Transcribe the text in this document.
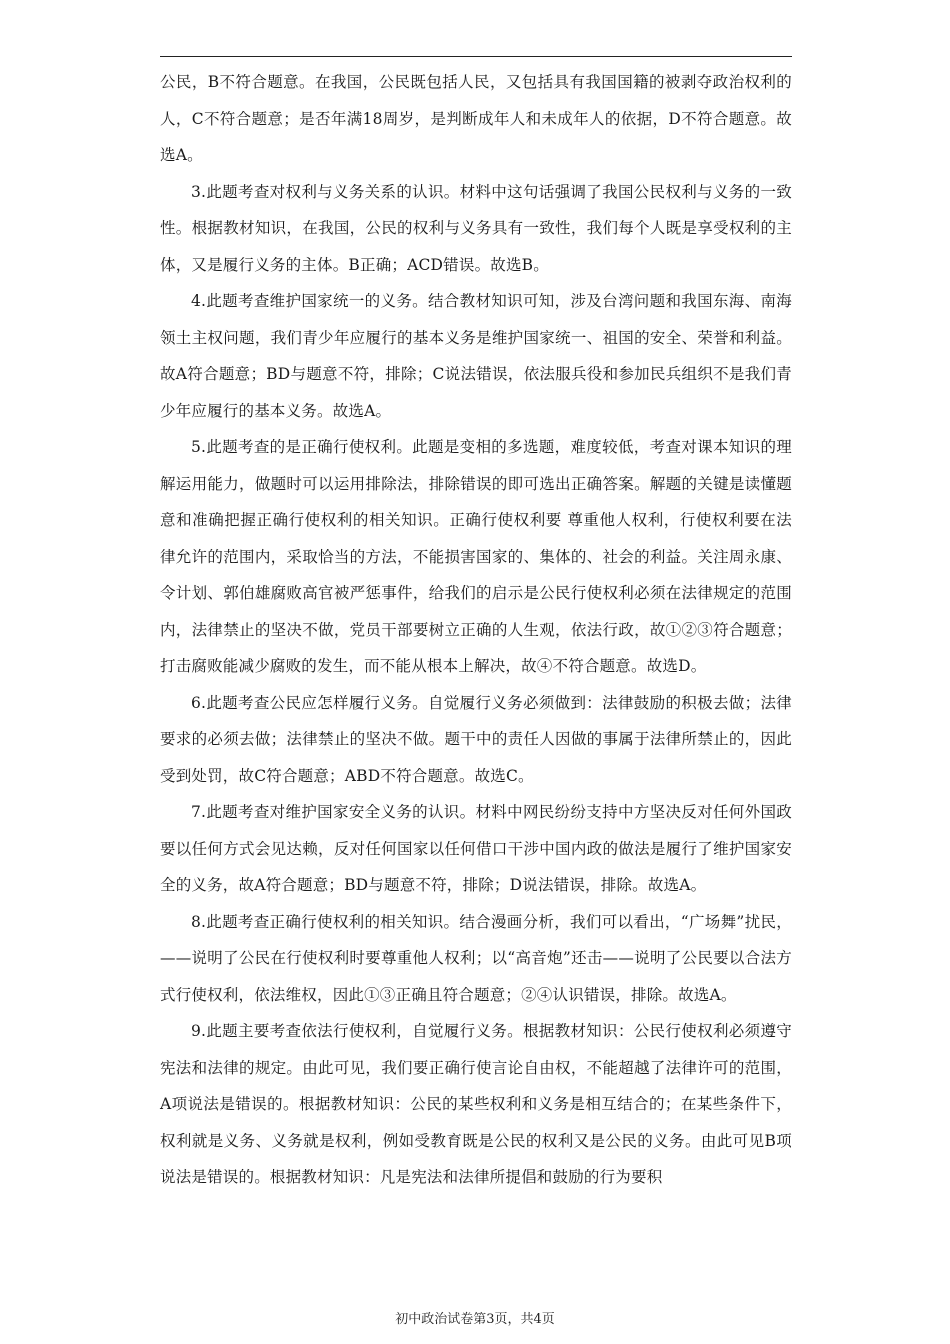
公民，B不符合题意。在我国，公民既包括人民，又包括具有我国国籍的被剥夺政治权利的人，C不符合题意；是否年满18周岁，是判断成年人和未成年人的依据，D不符合题意。故选A。

3.此题考查对权利与义务关系的认识。材料中这句话强调了我国公民权利与义务的一致性。根据教材知识，在我国，公民的权利与义务具有一致性，我们每个人既是享受权利的主体，又是履行义务的主体。B正确；ACD错误。故选B。

4.此题考查维护国家统一的义务。结合教材知识可知，涉及台湾问题和我国东海、南海领土主权问题，我们青少年应履行的基本义务是维护国家统一、祖国的安全、荣誉和利益。故A符合题意；BD与题意不符，排除；C说法错误，依法服兵役和参加民兵组织不是我们青少年应履行的基本义务。故选A。

5.此题考查的是正确行使权利。此题是变相的多选题，难度较低，考查对课本知识的理解运用能力，做题时可以运用排除法，排除错误的即可选出正确答案。解题的关键是读懂题意和准确把握正确行使权利的相关知识。正确行使权利要 尊重他人权利，行使权利要在法律允许的范围内，采取恰当的方法，不能损害国家的、集体的、社会的利益。关注周永康、令计划、郭伯雄腐败高官被严惩事件，给我们的启示是公民行使权利必须在法律规定的范围内，法律禁止的坚决不做，党员干部要树立正确的人生观，依法行政，故①②③符合题意；打击腐败能减少腐败的发生，而不能从根本上解决，故④不符合题意。故选D。

6.此题考查公民应怎样履行义务。自觉履行义务必须做到：法律鼓励的积极去做；法律要求的必须去做；法律禁止的坚决不做。题干中的责任人因做的事属于法律所禁止的，因此受到处罚，故C符合题意；ABD不符合题意。故选C。

7.此题考查对维护国家安全义务的认识。材料中网民纷纷支持中方坚决反对任何外国政要以任何方式会见达赖，反对任何国家以任何借口干涉中国内政的做法是履行了维护国家安全的义务，故A符合题意；BD与题意不符，排除；D说法错误，排除。故选A。

8.此题考查正确行使权利的相关知识。结合漫画分析，我们可以看出，“广场舞”扰民，——说明了公民在行使权利时要尊重他人权利；以“高音炮”还击——说明了公民要以合法方式行使权利，依法维权，因此①③正确且符合题意；②④认识错误，排除。故选A。

9.此题主要考查依法行使权利，自觉履行义务。根据教材知识：公民行使权利必须遵守宪法和法律的规定。由此可见，我们要正确行使言论自由权，不能超越了法律许可的范围，A项说法是错误的。根据教材知识：公民的某些权利和义务是相互结合的；在某些条件下，权利就是义务、义务就是权利，例如受教育既是公民的权利又是公民的义务。由此可见B项说法是错误的。根据教材知识：凡是宪法和法律所提倡和鼓励的行为要积

初中政治试卷第3页，共4页
